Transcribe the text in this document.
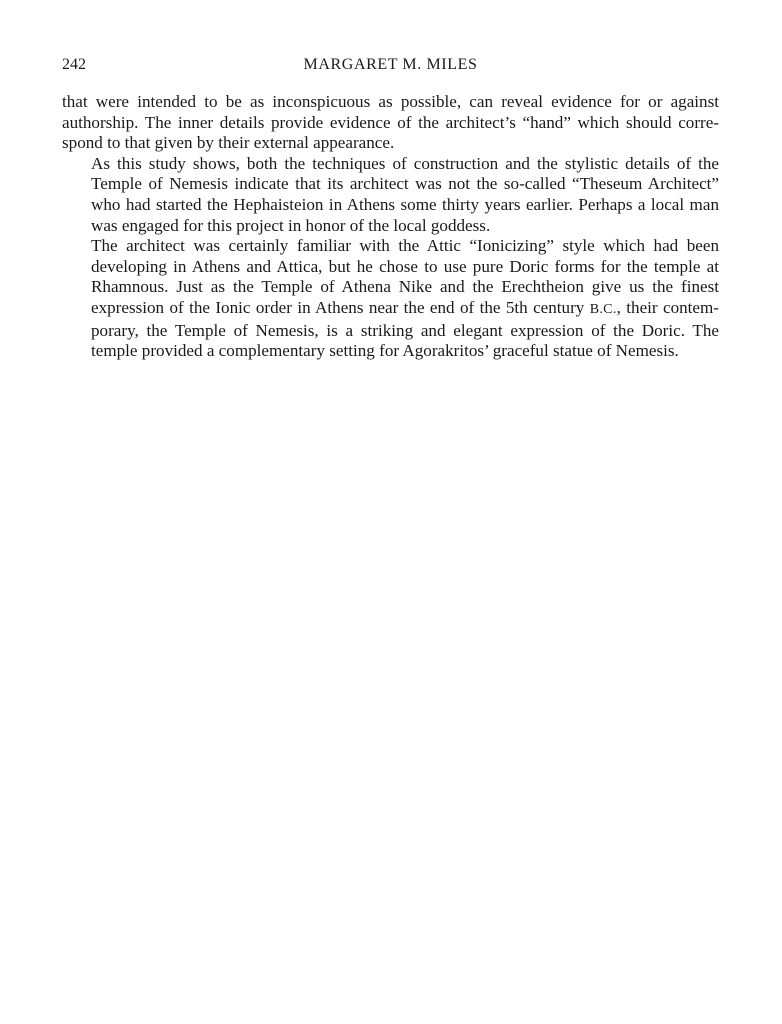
242	MARGARET M. MILES

that were intended to be as inconspicuous as possible, can reveal evidence for or against
authorship. The inner details provide evidence of the architect’s “hand” which should corre-
spond to that given by their external appearance.

As this study shows, both the techniques of construction and the stylistic details of the
Temple of Nemesis indicate that its architect was not the so-called “Theseum Architect”
who had started the Hephaisteion in Athens some thirty years earlier. Perhaps a local man
was engaged for this project in honor of the local goddess.

The architect was certainly familiar with the Attic “Ionicizing” style which had been
developing in Athens and Attica, but he chose to use pure Doric forms for the temple at
Rhamnous. Just as the Temple of Athena Nike and the Erechtheion give us the finest
expression of the Ionic order in Athens near the end of the 5th century B.C., their contem-
porary, the Temple of Nemesis, is a striking and elegant expression of the Doric. The
temple provided a complementary setting for Agorakritos’ graceful statue of Nemesis.
